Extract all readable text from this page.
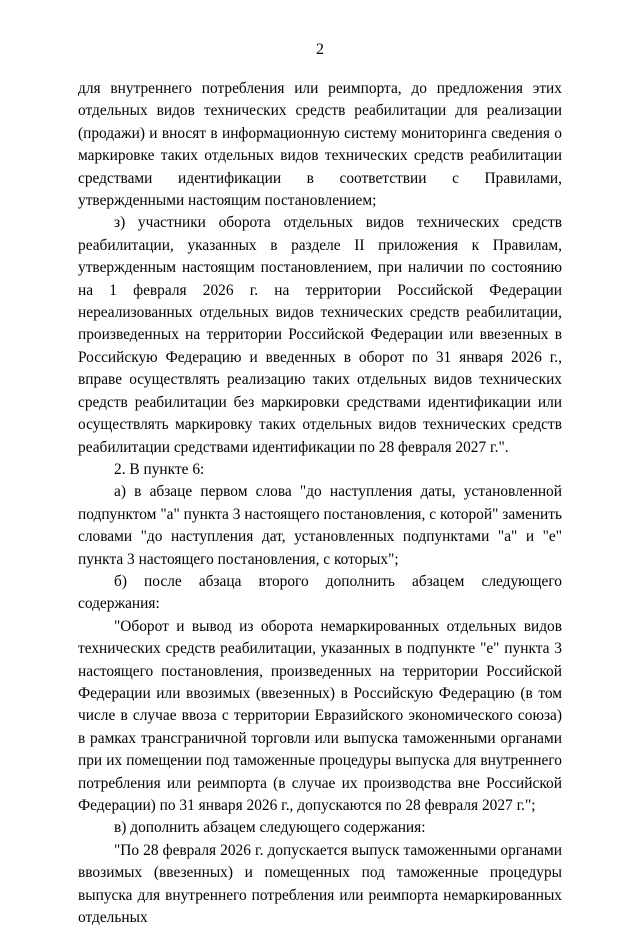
2

для внутреннего потребления или реимпорта, до предложения этих отдельных видов технических средств реабилитации для реализации (продажи) и вносят в информационную систему мониторинга сведения о маркировке таких отдельных видов технических средств реабилитации средствами идентификации в соответствии с Правилами, утвержденными настоящим постановлением;

з) участники оборота отдельных видов технических средств реабилитации, указанных в разделе II приложения к Правилам, утвержденным настоящим постановлением, при наличии по состоянию на 1 февраля 2026 г. на территории Российской Федерации нереализованных отдельных видов технических средств реабилитации, произведенных на территории Российской Федерации или ввезенных в Российскую Федерацию и введенных в оборот по 31 января 2026 г., вправе осуществлять реализацию таких отдельных видов технических средств реабилитации без маркировки средствами идентификации или осуществлять маркировку таких отдельных видов технических средств реабилитации средствами идентификации по 28 февраля 2027 г.".

2. В пункте 6:

а) в абзаце первом слова "до наступления даты, установленной подпунктом "а" пункта 3 настоящего постановления, с которой" заменить словами "до наступления дат, установленных подпунктами "а" и "е" пункта 3 настоящего постановления, с которых";

б) после абзаца второго дополнить абзацем следующего содержания:

"Оборот и вывод из оборота немаркированных отдельных видов технических средств реабилитации, указанных в подпункте "е" пункта 3 настоящего постановления, произведенных на территории Российской Федерации или ввозимых (ввезенных) в Российскую Федерацию (в том числе в случае ввоза с территории Евразийского экономического союза) в рамках трансграничной торговли или выпуска таможенными органами при их помещении под таможенные процедуры выпуска для внутреннего потребления или реимпорта (в случае их производства вне Российской Федерации) по 31 января 2026 г., допускаются по 28 февраля 2027 г.";

в) дополнить абзацем следующего содержания:

"По 28 февраля 2026 г. допускается выпуск таможенными органами ввозимых (ввезенных) и помещенных под таможенные процедуры выпуска для внутреннего потребления или реимпорта немаркированных отдельных
